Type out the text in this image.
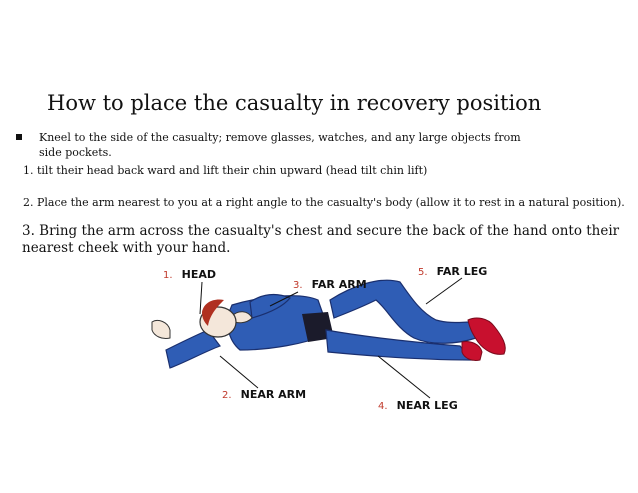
How to place the casualty in recovery position
Kneel to the side of the casualty; remove glasses, watches, and any large objects from side pockets.
1. tilt their head back ward and lift their chin upward (head tilt chin lift)
2. Place the arm nearest to you at a right angle to the casualty's body (allow it to rest in a natural position).
3. Bring the arm across the casualty's chest and secure the back of the hand onto their nearest cheek with your hand.
1. HEAD
3. FAR ARM
5. FAR LEG
2. NEAR ARM
4. NEAR LEG
